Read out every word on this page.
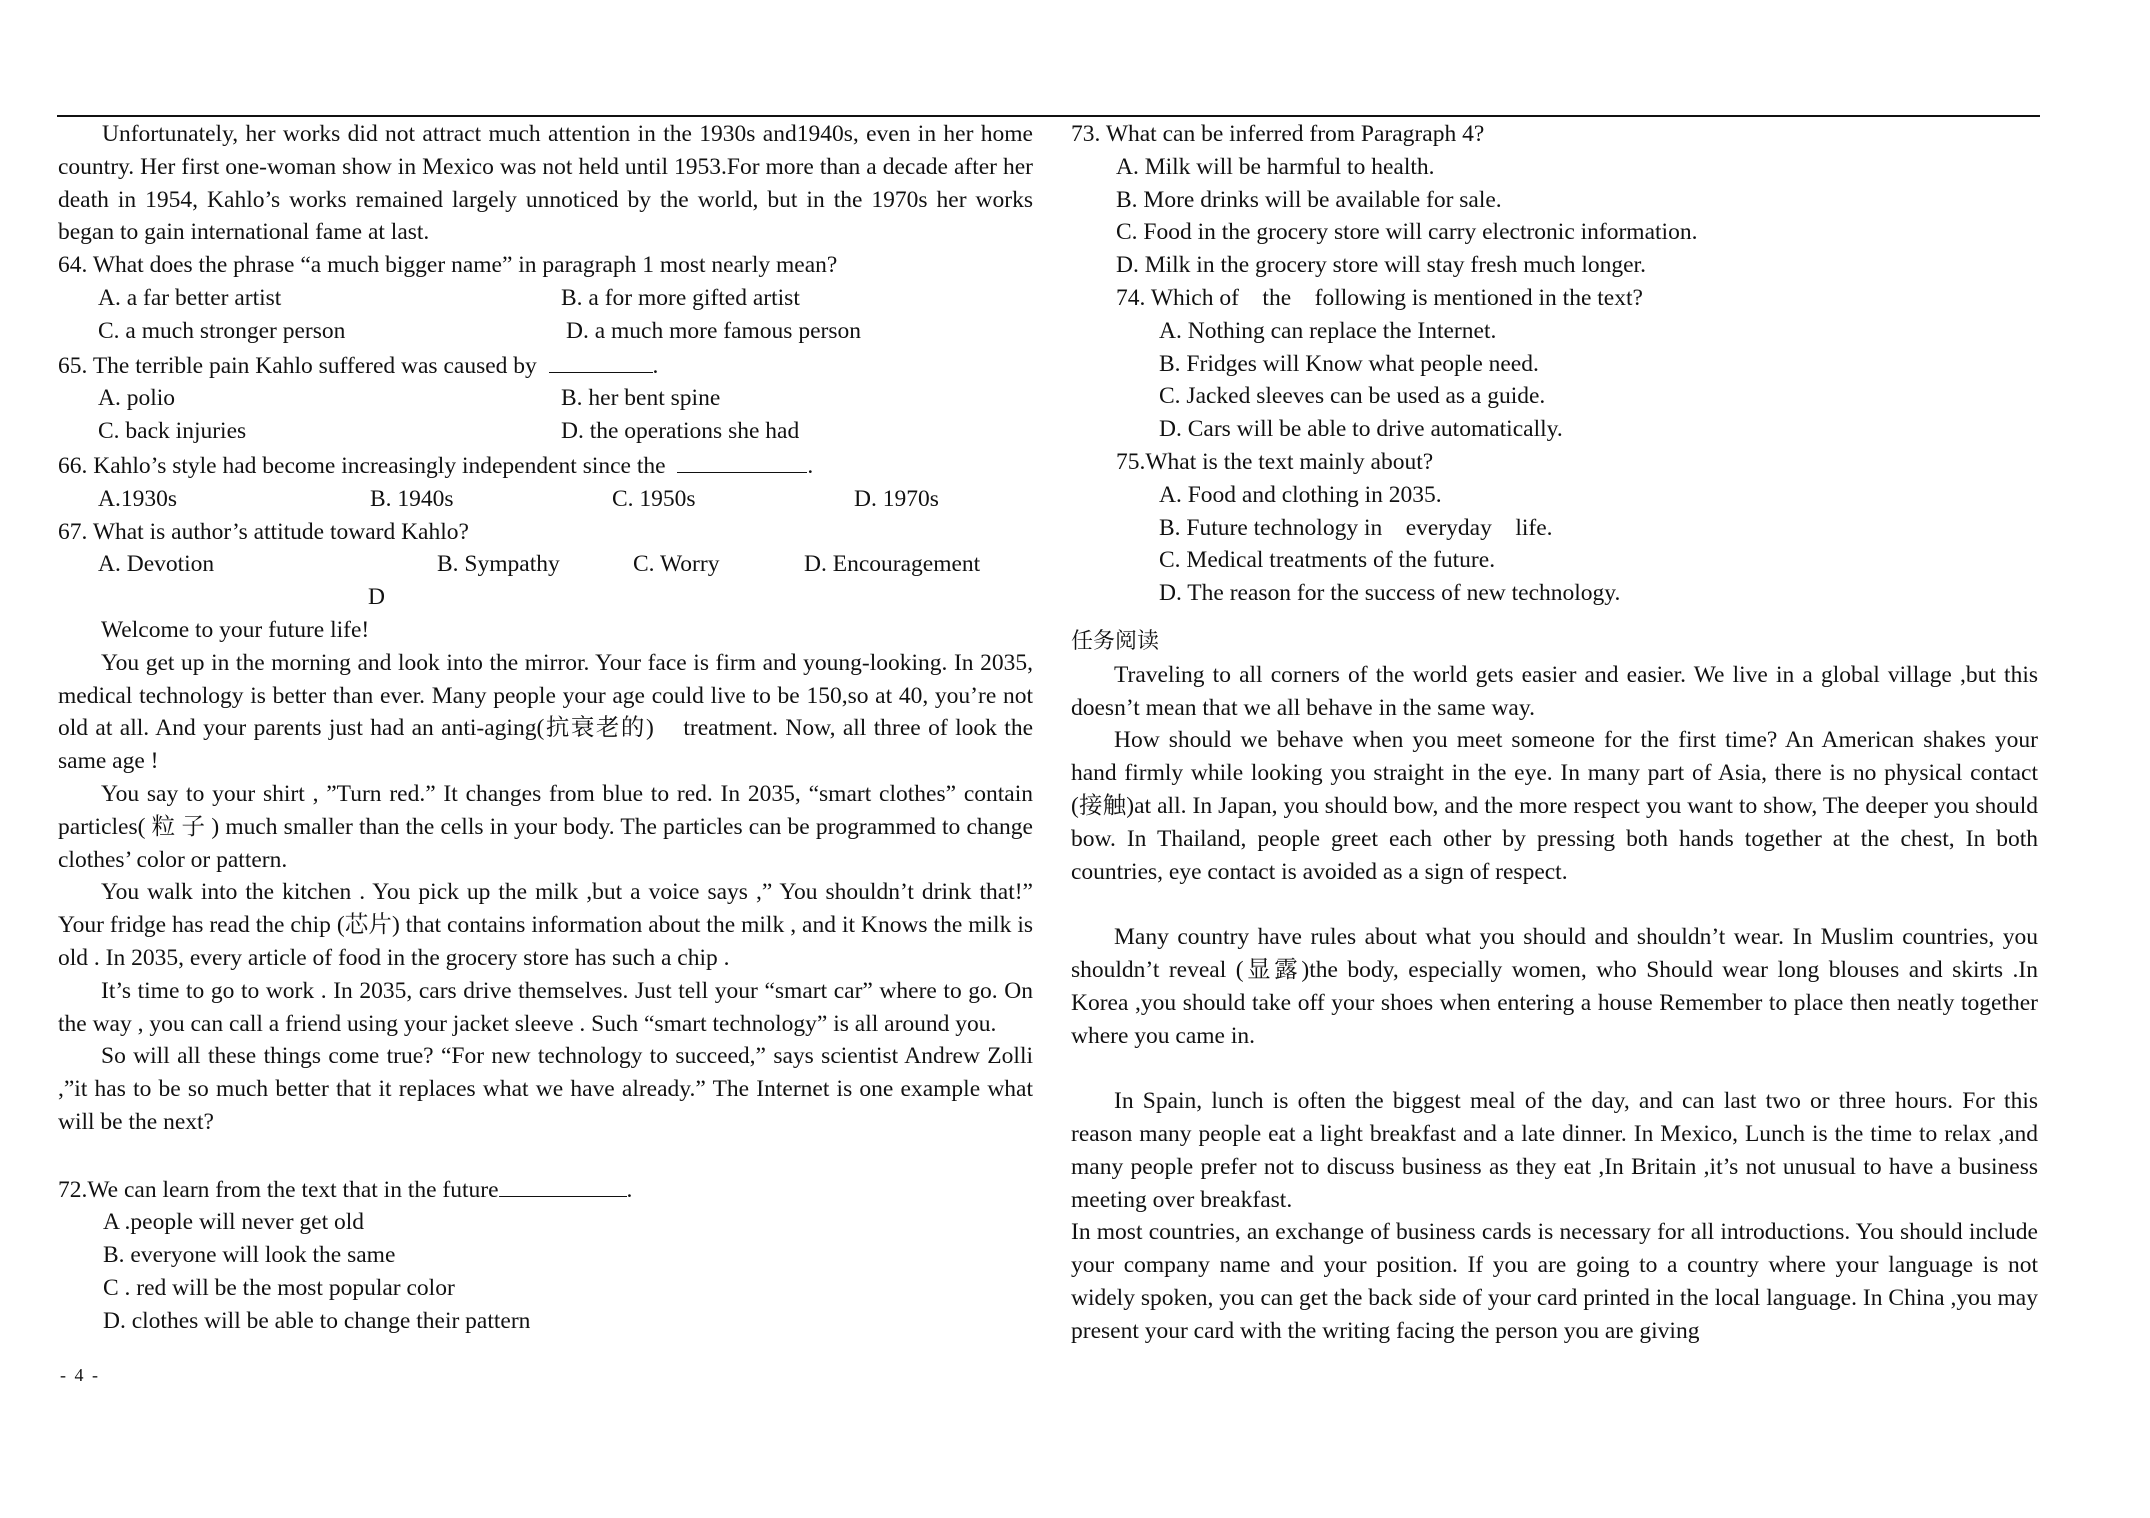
Unfortunately, her works did not attract much attention in the 1930s and1940s, even in her home country. Her first one-woman show in Mexico was not held until 1953.For more than a decade after her death in 1954, Kahlo’s works remained largely unnoticed by the world, but in the 1970s her works began to gain international fame at last.

64. What does the phrase “a much bigger name” in paragraph 1 most nearly mean?

A. a far better artist	B. a for more gifted artist
C. a much stronger person	D. a much more famous person

65. The terrible pain Kahlo suffered was caused by	.

A. polio	B. her bent spine
C. back injuries	D. the operations she had

66. Kahlo’s style had become increasingly independent since the	.

A.1930s	B. 1940s	C. 1950s	D. 1970s

67. What is author’s attitude toward Kahlo?

A. Devotion	B. Sympathy	C. Worry	D. Encouragement

D

Welcome to your future life!

You get up in the morning and look into the mirror. Your face is firm and young-looking. In 2035, medical technology is better than ever. Many people your age could live to be 150,so at 40, you’re not old at all. And your parents just had an anti-aging(抗衰老的)    treatment. Now, all three of look the same age !

You say to your shirt , ”Turn red.” It changes from blue to red. In 2035, “smart clothes” contain particles( 粒 子 ) much smaller than the cells in your body. The particles can be programmed to change clothes’ color or pattern.

You walk into the kitchen . You pick up the milk ,but a voice says ,” You shouldn’t drink that!” Your fridge has read the chip (芯片) that contains information about the milk , and it Knows the milk is old . In 2035, every article of food in the grocery store has such a chip .

It’s time to go to work . In 2035, cars drive themselves. Just tell your “smart car” where to go. On the way , you can call a friend using your jacket sleeve . Such “smart technology” is all around you.

So will all these things come true? “For new technology to succeed,” says scientist Andrew Zolli ,”it has to be so much better that it replaces what we have already.” The Internet is one example what will be the next?

72.We can learn from the text that in the future	.

A .people will never get old

B. everyone will look the same

C . red will be the most popular color

D. clothes will be able to change their pattern

- 4 -

73. What can be inferred from Paragraph 4?

A. Milk will be harmful to health.

B. More drinks will be available for sale.

C. Food in the grocery store will carry electronic information.

D. Milk in the grocery store will stay fresh much longer.

74. Which of    the    following is mentioned in the text?

A. Nothing can replace the Internet.

B. Fridges will Know what people need.

C. Jacked sleeves can be used as a guide.

D. Cars will be able to drive automatically.

75.What is the text mainly about?

A. Food and clothing in 2035.

B. Future technology in    everyday    life.

C. Medical treatments of the future.

D. The reason for the success of new technology.

任务阅读

Traveling to all corners of the world gets easier and easier. We live in a global village ,but this doesn’t mean that we all behave in the same way.

How should we behave when you meet someone for the first time? An American shakes your hand firmly while looking you straight in the eye. In many part of Asia, there is no physical contact (接触)at all. In Japan, you should bow, and the more respect you want to show, The deeper you should bow. In Thailand, people greet each other by pressing both hands together at the chest, In both countries, eye contact is avoided as a sign of respect.

Many country have rules about what you should and shouldn’t wear. In Muslim countries, you shouldn’t reveal (显露)the body, especially women, who Should wear long blouses and skirts .In Korea ,you should take off your shoes when entering a house Remember to place then neatly together where you came in.

In Spain, lunch is often the biggest meal of the day, and can last two or three hours. For this reason many people eat a light breakfast and a late dinner. In Mexico, Lunch is the time to relax ,and many people prefer not to discuss business as they eat ,In Britain ,it’s not unusual to have a business meeting over breakfast.

In most countries, an exchange of business cards is necessary for all introductions. You should include your company name and your position. If you are going to a country where your language is not widely spoken, you can get the back side of your card printed in the local language. In China ,you may present your card with the writing facing the person you are giving
